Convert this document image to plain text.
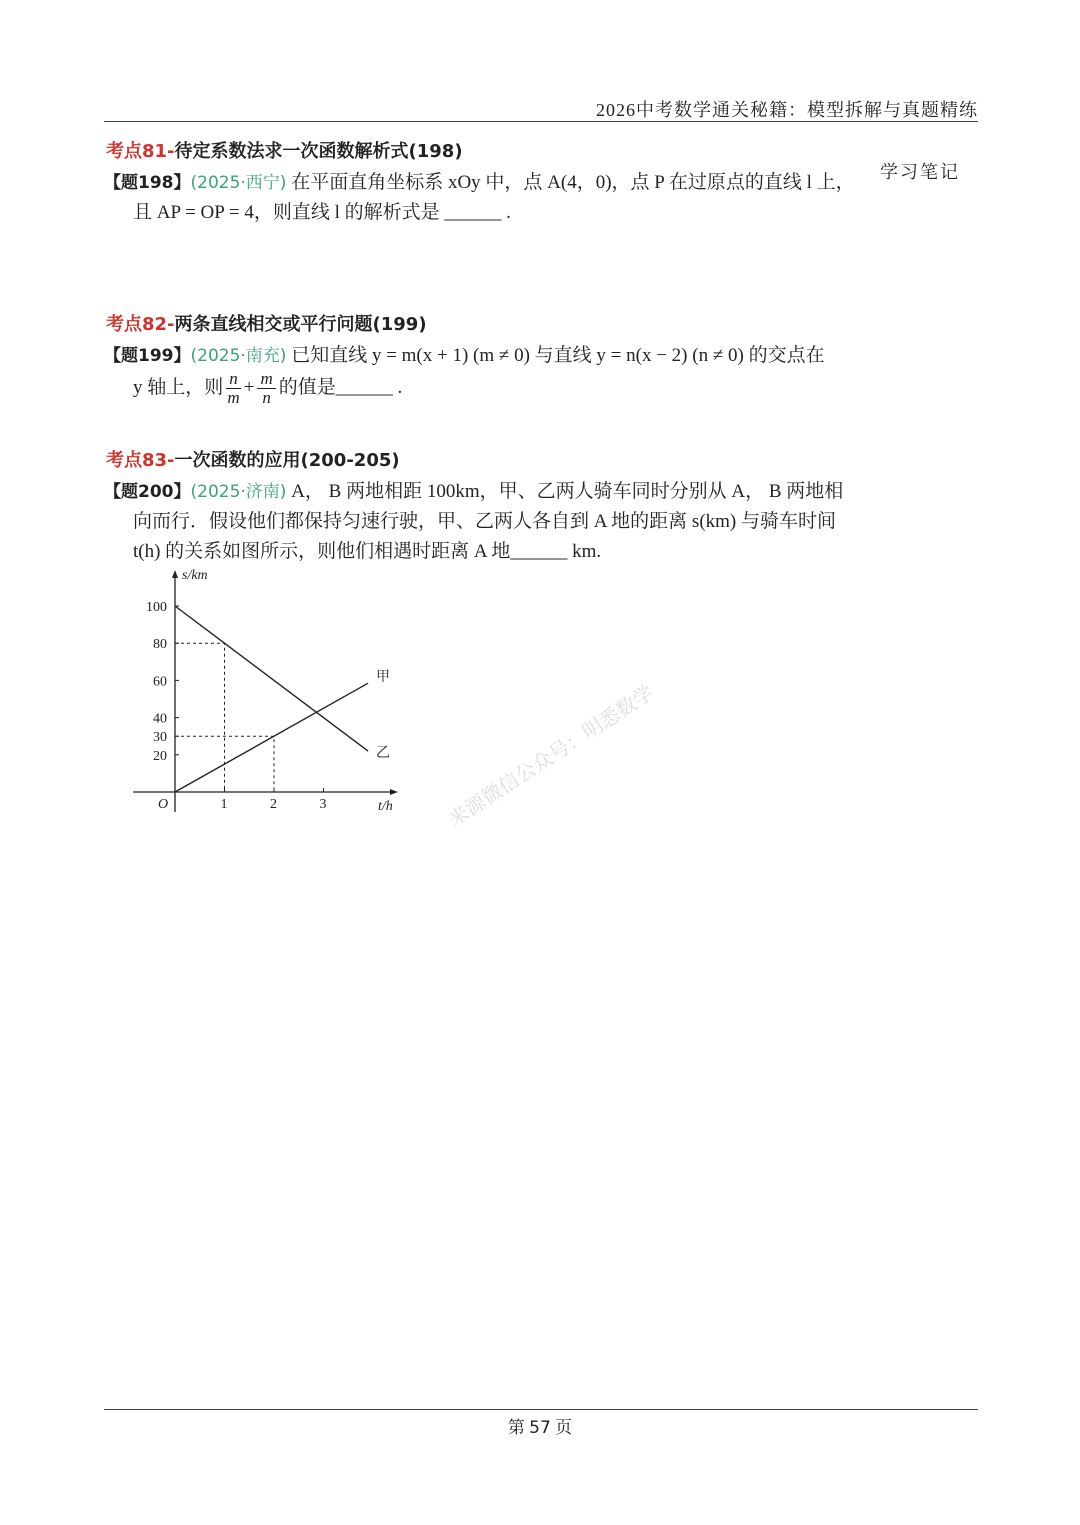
2026中考数学通关秘籍：模型拆解与真题精练
学习笔记
考点81-待定系数法求一次函数解析式(198)
【题198】(2025·西宁) 在平面直角坐标系 xOy 中，点 A(4，0)，点 P 在过原点的直线 l 上，
且 AP = OP = 4，则直线 l 的解析式是 ______ .
考点82-两条直线相交或平行问题(199)
【题199】(2025·南充) 已知直线 y = m(x + 1) (m ≠ 0) 与直线 y = n(x − 2) (n ≠ 0) 的交点在
y 轴上，则 $\frac{n}{m} + \frac{m}{n}$ 的值是______ .
考点83-一次函数的应用(200-205)
【题200】(2025·济南) A， B 两地相距 100km，甲、乙两人骑车同时分别从 A， B 两地相
向而行．假设他们都保持匀速行驶，甲、乙两人各自到 A 地的距离 s(km) 与骑车时间
t(h) 的关系如图所示，则他们相遇时距离 A 地______ km.
s/km
t/h
O	1	2	3
20
30
40
60
80
100
甲
乙	来源微信公众号：明悉数学
第 57 页
